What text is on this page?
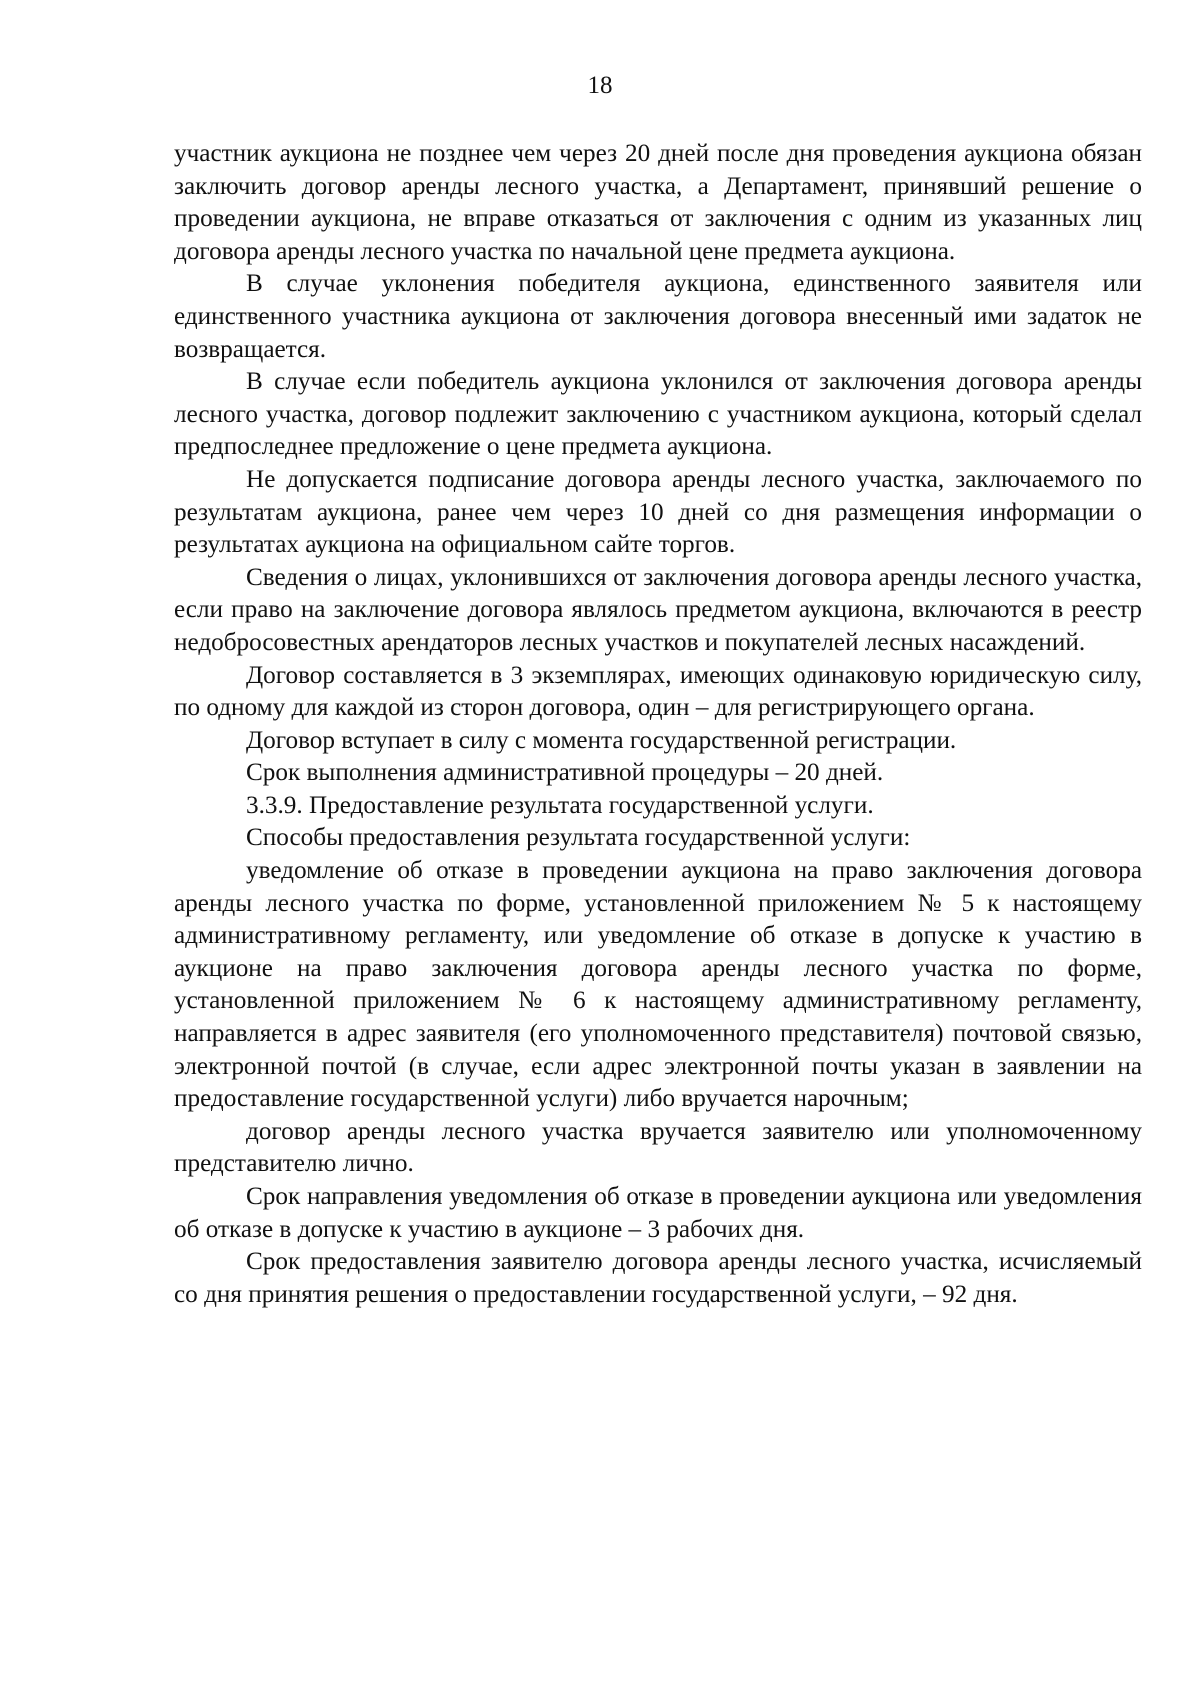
18

участник аукциона не позднее чем через 20 дней после дня проведения аукциона обязан заключить договор аренды лесного участка, а Департамент, принявший решение о проведении аукциона, не вправе отказаться от заключения с одним из указанных лиц договора аренды лесного участка по начальной цене предмета аукциона.

В случае уклонения победителя аукциона, единственного заявителя или единственного участника аукциона от заключения договора внесенный ими задаток не возвращается.

В случае если победитель аукциона уклонился от заключения договора аренды лесного участка, договор подлежит заключению с участником аукциона, который сделал предпоследнее предложение о цене предмета аукциона.

Не допускается подписание договора аренды лесного участка, заключаемого по результатам аукциона, ранее чем через 10 дней со дня размещения информации о результатах аукциона на официальном сайте торгов.

Сведения о лицах, уклонившихся от заключения договора аренды лесного участка, если право на заключение договора являлось предметом аукциона, включаются в реестр недобросовестных арендаторов лесных участков и покупателей лесных насаждений.

Договор составляется в 3 экземплярах, имеющих одинаковую юридическую силу, по одному для каждой из сторон договора, один – для регистрирующего органа.

Договор вступает в силу с момента государственной регистрации.

Срок выполнения административной процедуры – 20 дней.

3.3.9. Предоставление результата государственной услуги.

Способы предоставления результата государственной услуги:

уведомление об отказе в проведении аукциона на право заключения договора аренды лесного участка по форме, установленной приложением № 5 к настоящему административному регламенту, или уведомление об отказе в допуске к участию в аукционе на право заключения договора аренды лесного участка по форме, установленной приложением № 6 к настоящему административному регламенту, направляется в адрес заявителя (его уполномоченного представителя) почтовой связью, электронной почтой (в случае, если адрес электронной почты указан в заявлении на предоставление государственной услуги) либо вручается нарочным;

договор аренды лесного участка вручается заявителю или уполномоченному представителю лично.

Срок направления уведомления об отказе в проведении аукциона или уведомления об отказе в допуске к участию в аукционе – 3 рабочих дня.

Срок предоставления заявителю договора аренды лесного участка, исчисляемый со дня принятия решения о предоставлении государственной услуги, – 92 дня.
